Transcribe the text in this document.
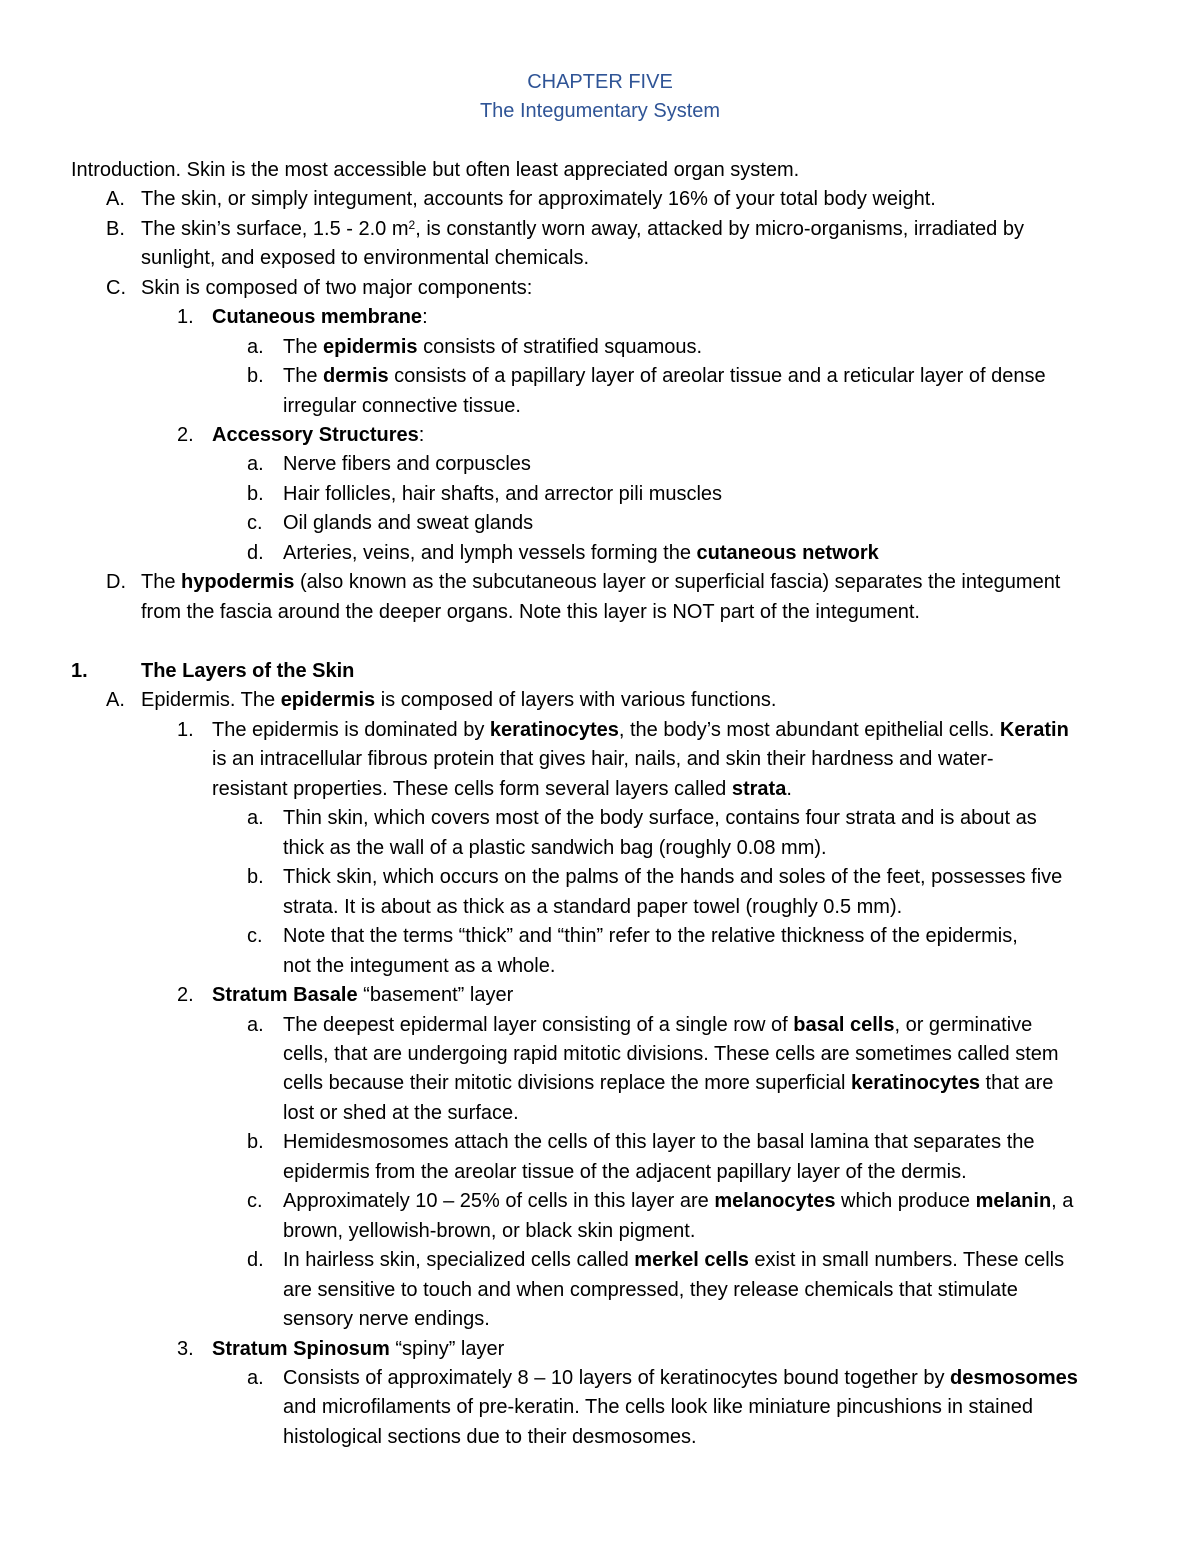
CHAPTER FIVE
The Integumentary System
Introduction. Skin is the most accessible but often least appreciated organ system.
A. The skin, or simply integument, accounts for approximately 16% of your total body weight.
B. The skin’s surface, 1.5 - 2.0 $m^2$, is constantly worn away, attacked by micro-organisms, irradiated by
sunlight, and exposed to environmental chemicals.
C. Skin is composed of two major components:
1. Cutaneous membrane:
a. The epidermis consists of stratified squamous.
b. The dermis consists of a papillary layer of areolar tissue and a reticular layer of dense
irregular connective tissue.
2. Accessory Structures:
a. Nerve fibers and corpuscles
b. Hair follicles, hair shafts, and arrector pili muscles
c. Oil glands and sweat glands
d. Arteries, veins, and lymph vessels forming the cutaneous network
D. The hypodermis (also known as the subcutaneous layer or superficial fascia) separates the integument
from the fascia around the deeper organs. Note this layer is NOT part of the integument.
1.	The Layers of the Skin
A. Epidermis. The epidermis is composed of layers with various functions.
1. The epidermis is dominated by keratinocytes, the body’s most abundant epithelial cells. Keratin
is an intracellular fibrous protein that gives hair, nails, and skin their hardness and water-
resistant properties. These cells form several layers called strata.
a. Thin skin, which covers most of the body surface, contains four strata and is about as
thick as the wall of a plastic sandwich bag (roughly 0.08 mm).
b. Thick skin, which occurs on the palms of the hands and soles of the feet, possesses five
strata. It is about as thick as a standard paper towel (roughly 0.5 mm).
c. Note that the terms “thick” and “thin” refer to the relative thickness of the epidermis,
not the integument as a whole.
2. Stratum Basale “basement” layer
a. The deepest epidermal layer consisting of a single row of basal cells, or germinative
cells, that are undergoing rapid mitotic divisions. These cells are sometimes called stem
cells because their mitotic divisions replace the more superficial keratinocytes that are
lost or shed at the surface.
b. Hemidesmosomes attach the cells of this layer to the basal lamina that separates the
epidermis from the areolar tissue of the adjacent papillary layer of the dermis.
c. Approximately 10 – 25% of cells in this layer are melanocytes which produce melanin, a
brown, yellowish-brown, or black skin pigment.
d. In hairless skin, specialized cells called merkel cells exist in small numbers. These cells
are sensitive to touch and when compressed, they release chemicals that stimulate
sensory nerve endings.
3. Stratum Spinosum “spiny” layer
a. Consists of approximately 8 – 10 layers of keratinocytes bound together by desmosomes
and microfilaments of pre-keratin. The cells look like miniature pincushions in stained
histological sections due to their desmosomes.
